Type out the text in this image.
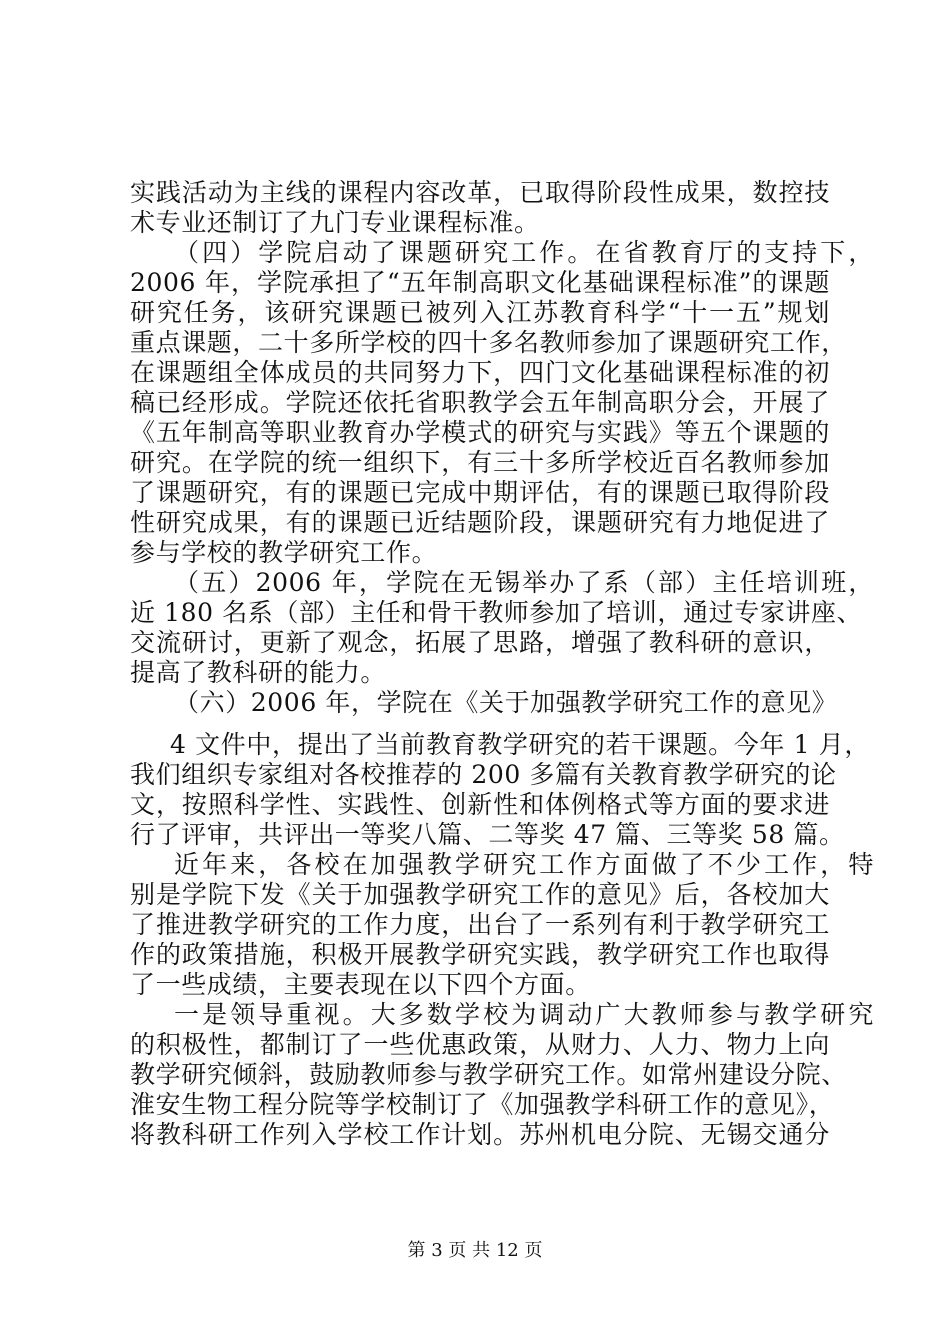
实践活动为主线的课程内容改革，已取得阶段性成果，数控技
术专业还制订了九门专业课程标准。
（四）学院启动了课题研究工作。在省教育厅的支持下，
2006 年，学院承担了“五年制高职文化基础课程标准”的课题
研究任务，该研究课题已被列入江苏教育科学“十一五”规划
重点课题，二十多所学校的四十多名教师参加了课题研究工作，
在课题组全体成员的共同努力下，四门文化基础课程标准的初
稿已经形成。学院还依托省职教学会五年制高职分会，开展了
《五年制高等职业教育办学模式的研究与实践》等五个课题的
研究。在学院的统一组织下，有三十多所学校近百名教师参加
了课题研究，有的课题已完成中期评估，有的课题已取得阶段
性研究成果，有的课题已近结题阶段，课题研究有力地促进了
参与学校的教学研究工作。
（五）2006 年，学院在无锡举办了系（部）主任培训班，
近 180 名系（部）主任和骨干教师参加了培训，通过专家讲座、
交流研讨，更新了观念，拓展了思路，增强了教科研的意识，
提高了教科研的能力。
（六）2006 年，学院在《关于加强教学研究工作的意见》
4 文件中，提出了当前教育教学研究的若干课题。今年 1 月，
我们组织专家组对各校推荐的 200 多篇有关教育教学研究的论
文，按照科学性、实践性、创新性和体例格式等方面的要求进
行了评审，共评出一等奖八篇、二等奖 47 篇、三等奖 58 篇。
近年来，各校在加强教学研究工作方面做了不少工作，特
别是学院下发《关于加强教学研究工作的意见》后，各校加大
了推进教学研究的工作力度，出台了一系列有利于教学研究工
作的政策措施，积极开展教学研究实践，教学研究工作也取得
了一些成绩，主要表现在以下四个方面。
一是领导重视。大多数学校为调动广大教师参与教学研究
的积极性，都制订了一些优惠政策，从财力、人力、物力上向
教学研究倾斜，鼓励教师参与教学研究工作。如常州建设分院、
淮安生物工程分院等学校制订了《加强教学科研工作的意见》，
将教科研工作列入学校工作计划。苏州机电分院、无锡交通分
第 3 页 共 12 页
